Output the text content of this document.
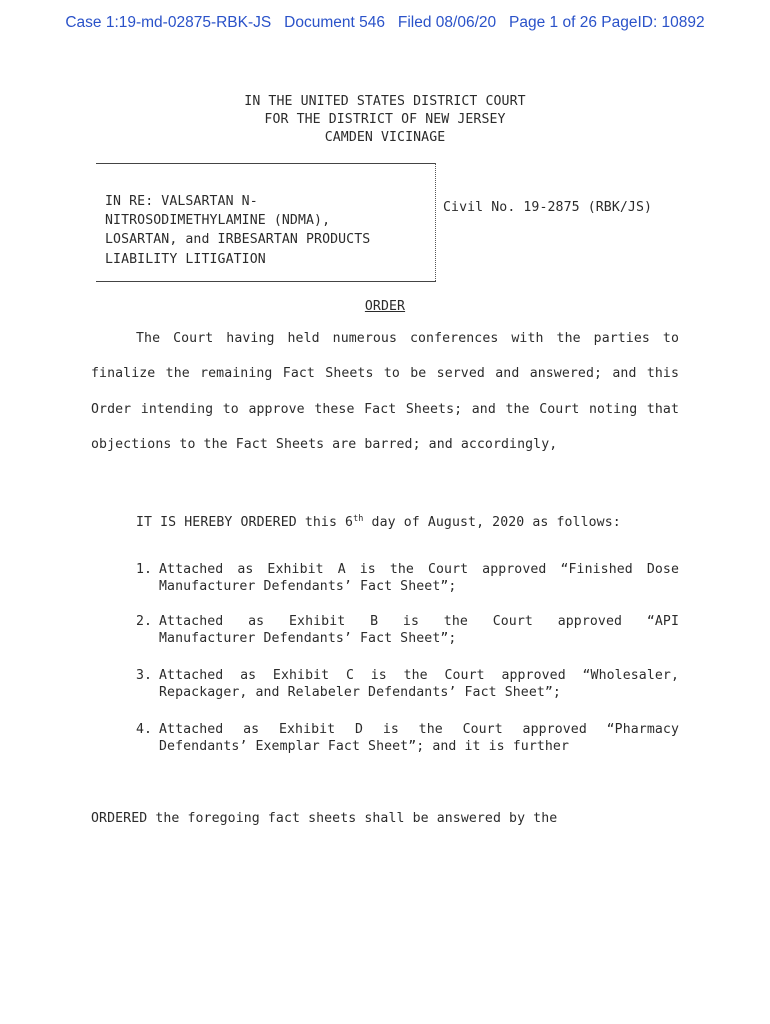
Case 1:19-md-02875-RBK-JS   Document 546   Filed 08/06/20   Page 1 of 26 PageID: 10892
IN THE UNITED STATES DISTRICT COURT
FOR THE DISTRICT OF NEW JERSEY
CAMDEN VICINAGE
IN RE: VALSARTAN N-
NITROSODIMETHYLAMINE (NDMA),
LOSARTAN, and IRBESARTAN PRODUCTS
LIABILITY LITIGATION
Civil No. 19-2875 (RBK/JS)
ORDER
The Court having held numerous conferences with the parties to finalize the remaining Fact Sheets to be served and answered; and this Order intending to approve these Fact Sheets; and the Court noting that objections to the Fact Sheets are barred; and accordingly,
IT IS HEREBY ORDERED this 6th day of August, 2020 as follows:
1. Attached as Exhibit A is the Court approved “Finished Dose
Manufacturer Defendants’ Fact Sheet”;
2. Attached as Exhibit B is the Court approved “API
Manufacturer Defendants’ Fact Sheet”;
3. Attached as Exhibit C is the Court approved “Wholesaler,
Repackager, and Relabeler Defendants’ Fact Sheet”;
4. Attached as Exhibit D is the Court approved “Pharmacy
Defendants’ Exemplar Fact Sheet”; and it is further
ORDERED the foregoing fact sheets shall be answered by the
